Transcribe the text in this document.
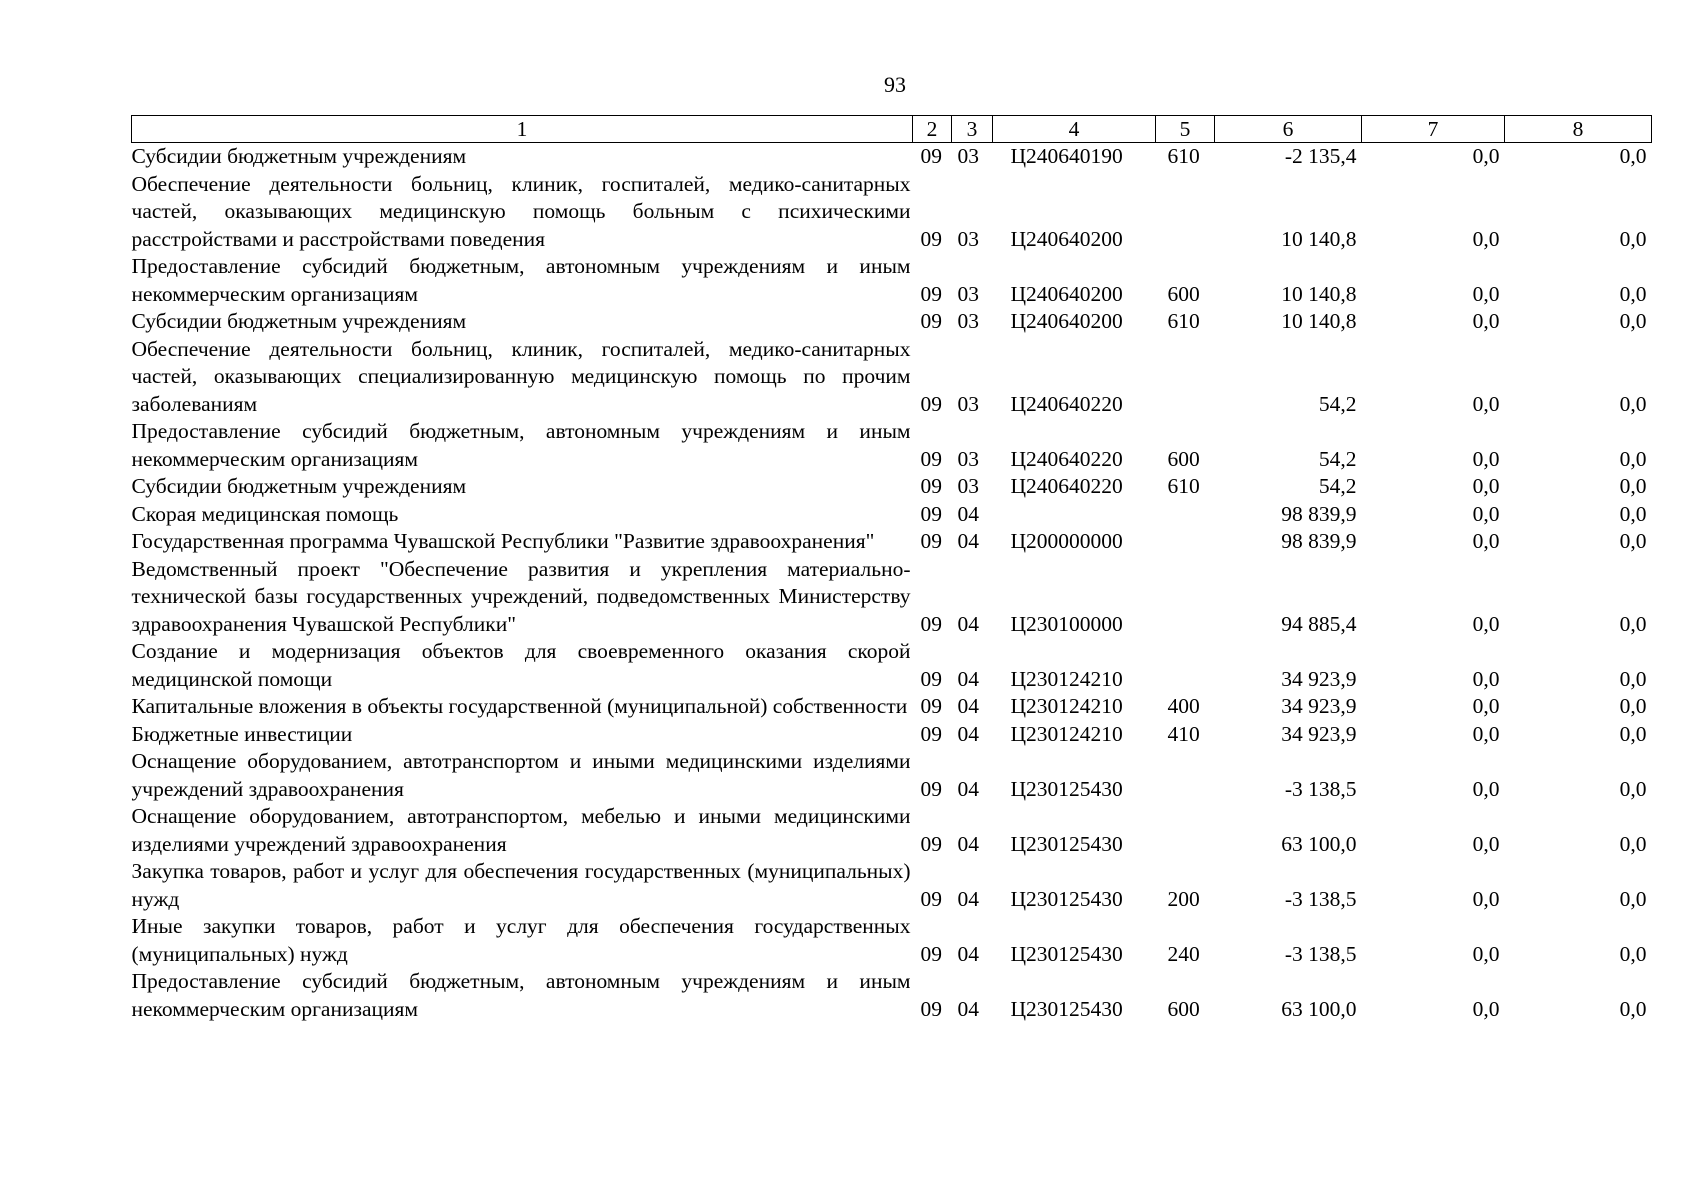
93
1	2	3	4	5	6	7	8
Субсидии бюджетным учреждениям	09	03	Ц240640190	610	-2 135,4	0,0	0,0
Обеспечение деятельности больниц, клиник, госпиталей, медико-санитарных частей, оказывающих медицинскую помощь больным с психическими расстройствами и расстройствами поведения	09	03	Ц240640200		10 140,8	0,0	0,0
Предоставление субсидий бюджетным, автономным учреждениям и иным некоммерческим организациям	09	03	Ц240640200	600	10 140,8	0,0	0,0
Субсидии бюджетным учреждениям	09	03	Ц240640200	610	10 140,8	0,0	0,0
Обеспечение деятельности больниц, клиник, госпиталей, медико-санитарных частей, оказывающих специализированную медицинскую помощь по прочим заболеваниям	09	03	Ц240640220		54,2	0,0	0,0
Предоставление субсидий бюджетным, автономным учреждениям и иным некоммерческим организациям	09	03	Ц240640220	600	54,2	0,0	0,0
Субсидии бюджетным учреждениям	09	03	Ц240640220	610	54,2	0,0	0,0
Скорая медицинская помощь	09	04			98 839,9	0,0	0,0
Государственная программа Чувашской Республики "Развитие здравоохранения"	09	04	Ц200000000		98 839,9	0,0	0,0
Ведомственный проект "Обеспечение развития и укрепления материально-технической базы государственных учреждений, подведомственных Министерству здравоохранения Чувашской Республики"	09	04	Ц230100000		94 885,4	0,0	0,0
Создание и модернизация объектов для своевременного оказания скорой медицинской помощи	09	04	Ц230124210		34 923,9	0,0	0,0
Капитальные вложения в объекты государственной (муниципальной) собственности	09	04	Ц230124210	400	34 923,9	0,0	0,0
Бюджетные инвестиции	09	04	Ц230124210	410	34 923,9	0,0	0,0
Оснащение оборудованием, автотранспортом и иными медицинскими изделиями учреждений здравоохранения	09	04	Ц230125430		-3 138,5	0,0	0,0
Оснащение оборудованием, автотранспортом, мебелью и иными медицинскими изделиями учреждений здравоохранения	09	04	Ц230125430		63 100,0	0,0	0,0
Закупка товаров, работ и услуг для обеспечения государственных (муниципальных) нужд	09	04	Ц230125430	200	-3 138,5	0,0	0,0
Иные закупки товаров, работ и услуг для обеспечения государственных (муниципальных) нужд	09	04	Ц230125430	240	-3 138,5	0,0	0,0
Предоставление субсидий бюджетным, автономным учреждениям и иным некоммерческим организациям	09	04	Ц230125430	600	63 100,0	0,0	0,0
